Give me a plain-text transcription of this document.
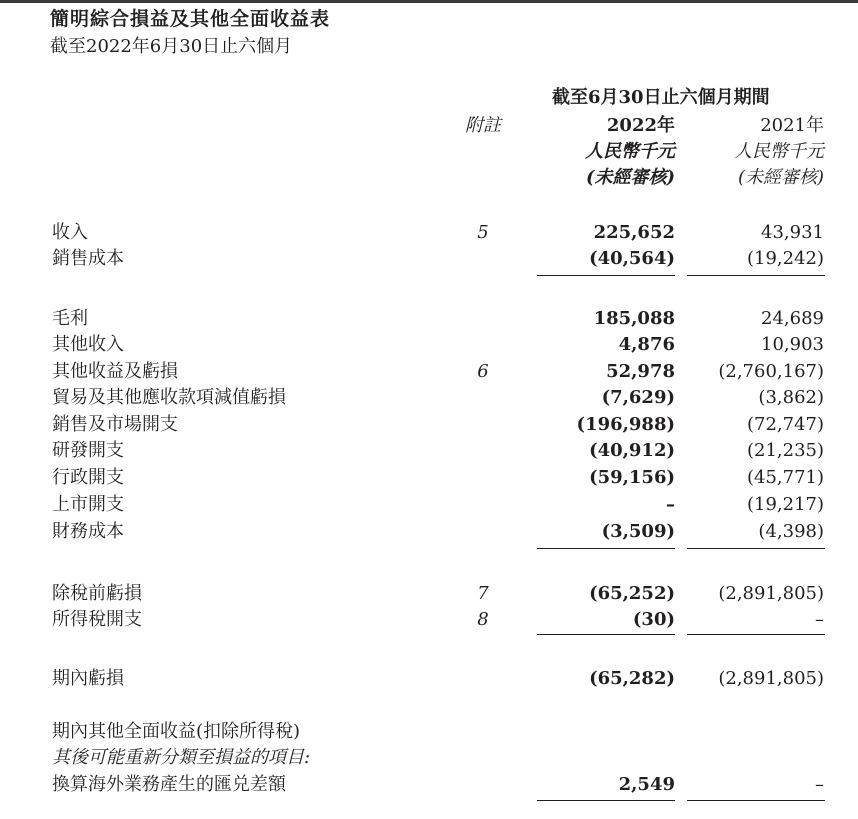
簡明綜合損益及其他全面收益表
截至2022年6月30日止六個月
截至6月30日止六個月期間
附註	2022年	2021年
人民幣千元	人民幣千元
(未經審核)	(未經審核)
收入	5	225,652	43,931
銷售成本	(40,564)	(19,242)
毛利	185,088	24,689
其他收入	4,876	10,903
其他收益及虧損	6	52,978 (2,760,167)
貿易及其他應收款項減值虧損	(7,629)	(3,862)
銷售及市場開支	(196,988)	(72,747)
研發開支	(40,912)	(21,235)
行政開支	(59,156)	(45,771)
上市開支	–	(19,217)
財務成本	(3,509)	(4,398)
除稅前虧損	7	(65,252) (2,891,805)
所得稅開支	8	(30)	–
期內虧損	(65,282) (2,891,805)
期內其他全面收益(扣除所得稅)
其後可能重新分類至損益的項目:
換算海外業務產生的匯兑差額	2,549	–
